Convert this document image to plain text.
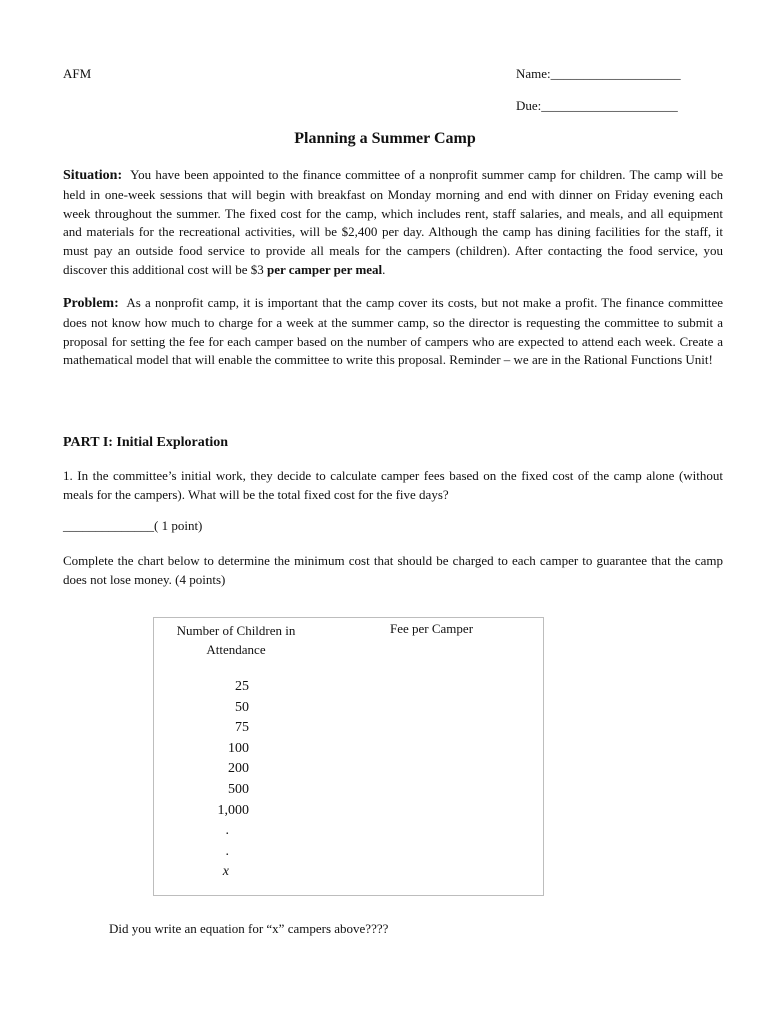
AFM	Name:____________________
Due:_____________________
Planning a Summer Camp
Situation: You have been appointed to the finance committee of a nonprofit summer camp for children. The camp will be held in one-week sessions that will begin with breakfast on Monday morning and end with dinner on Friday evening each week throughout the summer. The fixed cost for the camp, which includes rent, staff salaries, and meals, and all equipment and materials for the recreational activities, will be $2,400 per day. Although the camp has dining facilities for the staff, it must pay an outside food service to provide all meals for the campers (children). After contacting the food service, you discover this additional cost will be $3 per camper per meal.
Problem: As a nonprofit camp, it is important that the camp cover its costs, but not make a profit. The finance committee does not know how much to charge for a week at the summer camp, so the director is requesting the committee to submit a proposal for setting the fee for each camper based on the number of campers who are expected to attend each week. Create a mathematical model that will enable the committee to write this proposal. Reminder – we are in the Rational Functions Unit!
PART I: Initial Exploration
1. In the committee’s initial work, they decide to calculate camper fees based on the fixed cost of the camp alone (without meals for the campers). What will be the total fixed cost for the five days?
______________( 1 point)
Complete the chart below to determine the minimum cost that should be charged to each camper to guarantee that the camp does not lose money. (4 points)
Number of Children in Attendance
Fee per Camper
25
50
75
100
200
500
1,000
.
.
x
Did you write an equation for “x” campers above????
